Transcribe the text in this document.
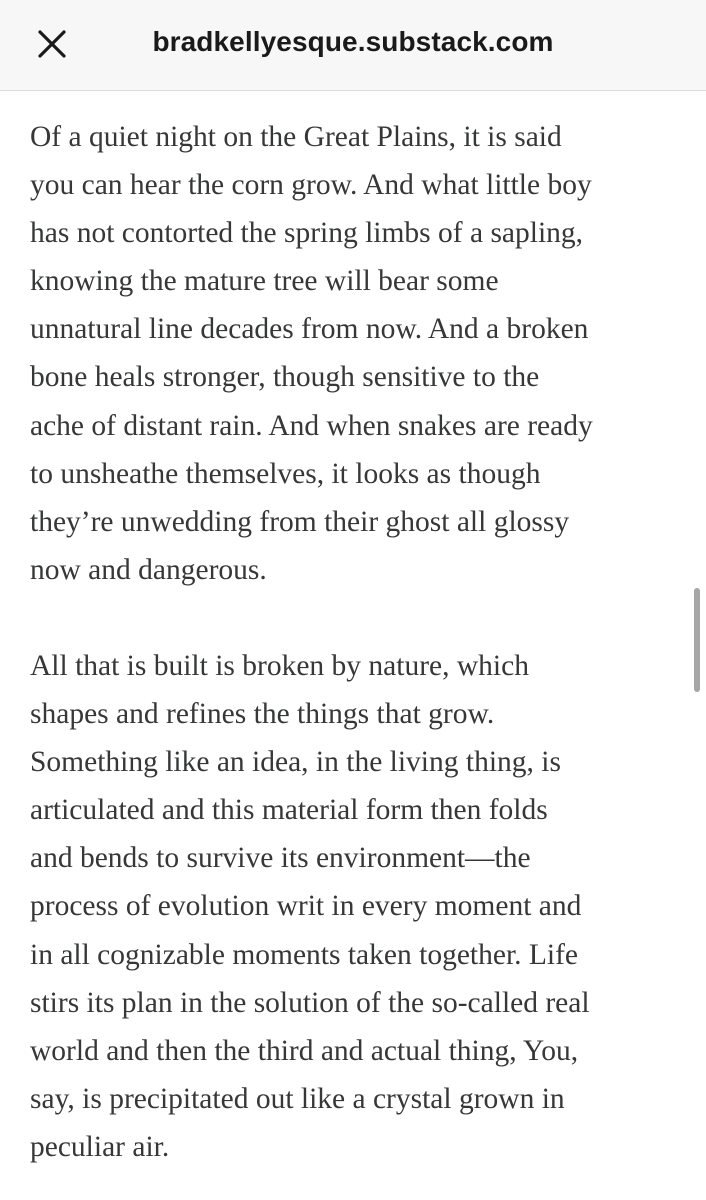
bradkellyesque.substack.com

Of a quiet night on the Great Plains, it is said
you can hear the corn grow. And what little boy
has not contorted the spring limbs of a sapling,
knowing the mature tree will bear some
unnatural line decades from now. And a broken
bone heals stronger, though sensitive to the
ache of distant rain. And when snakes are ready
to unsheathe themselves, it looks as though
they’re unwedding from their ghost all glossy
now and dangerous.

All that is built is broken by nature, which
shapes and refines the things that grow.
Something like an idea, in the living thing, is
articulated and this material form then folds
and bends to survive its environment—the
process of evolution writ in every moment and
in all cognizable moments taken together. Life
stirs its plan in the solution of the so-called real
world and then the third and actual thing, You,
say, is precipitated out like a crystal grown in
peculiar air.
